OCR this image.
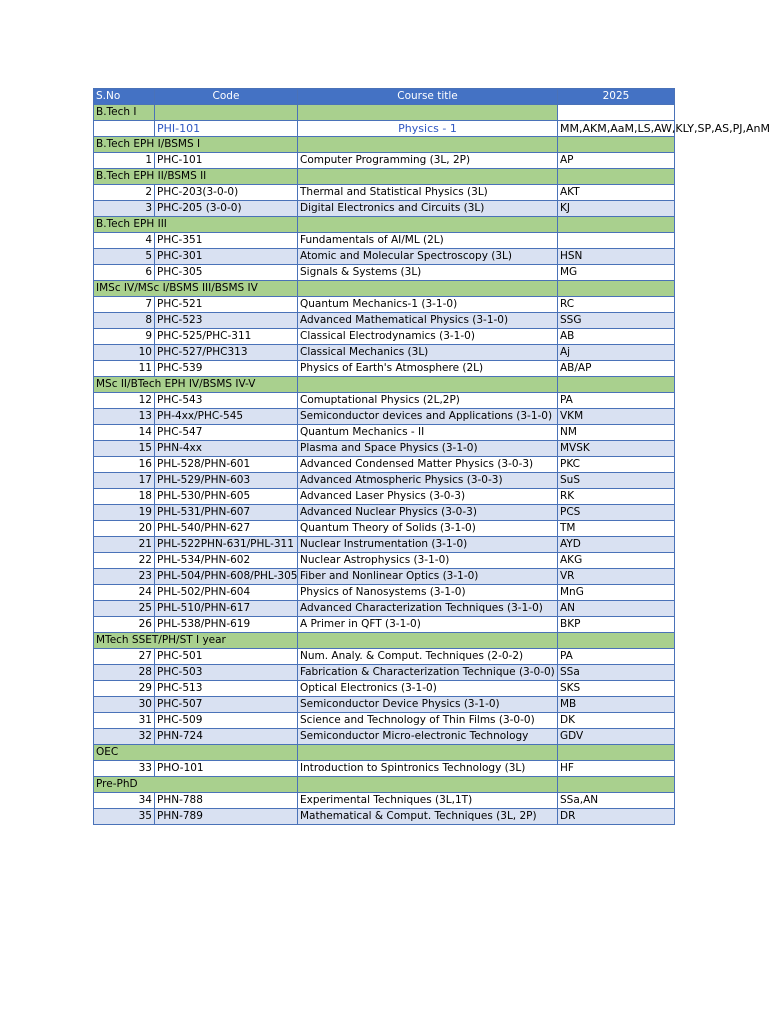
S.No	Code	Course title	2025
B.Tech I			
	PHI-101	Physics - 1	MM,AKM,AaM,LS,AW,KLY,SP,AS,PJ,AnM
B.Tech EPH I/BSMS I			
1	PHC-101	Computer Programming (3L, 2P)	AP
B.Tech EPH II/BSMS II			
2	PHC-203(3-0-0)	Thermal and Statistical Physics (3L)	AKT
3	PHC-205 (3-0-0)	Digital Electronics and Circuits (3L)	KJ
B.Tech EPH III			
4	PHC-351	Fundamentals of AI/ML (2L)	
5	PHC-301	Atomic and Molecular Spectroscopy (3L)	HSN
6	PHC-305	Signals & Systems (3L)	MG
IMSc IV/MSc I/BSMS III/BSMS IV			
7	PHC-521	Quantum Mechanics-1 (3-1-0)	RC
8	PHC-523	Advanced Mathematical Physics (3-1-0)	SSG
9	PHC-525/PHC-311	Classical Electrodynamics (3-1-0)	AB
10	PHC-527/PHC313	Classical Mechanics (3L)	Aj
11	PHC-539	Physics of Earth's Atmosphere (2L)	AB/AP
MSc II/BTech EPH IV/BSMS IV-V			
12	PHC-543	Comuptational Physics (2L,2P)	PA
13	PH-4xx/PHC-545	Semiconductor devices and Applications (3-1-0)	VKM
14	PHC-547	Quantum Mechanics - II	NM
15	PHN-4xx	Plasma and Space Physics (3-1-0)	MVSK
16	PHL-528/PHN-601	Advanced Condensed Matter Physics (3-0-3)	PKC
17	PHL-529/PHN-603	Advanced Atmospheric Physics (3-0-3)	SuS
18	PHL-530/PHN-605	Advanced Laser Physics (3-0-3)	RK
19	PHL-531/PHN-607	Advanced Nuclear Physics (3-0-3)	PCS
20	PHL-540/PHN-627	Quantum Theory of Solids (3-1-0)	TM
21	PHL-522PHN-631/PHL-311	Nuclear Instrumentation (3-1-0)	AYD
22	PHL-534/PHN-602	Nuclear Astrophysics (3-1-0)	AKG
23	PHL-504/PHN-608/PHL-305	Fiber and Nonlinear Optics (3-1-0)	VR
24	PHL-502/PHN-604	Physics of Nanosystems (3-1-0)	MnG
25	PHL-510/PHN-617	Advanced Characterization Techniques (3-1-0)	AN
26	PHL-538/PHN-619	A Primer in QFT (3-1-0)	BKP
MTech SSET/PH/ST I year			
27	PHC-501	Num. Analy. & Comput. Techniques (2-0-2)	PA
28	PHC-503	Fabrication & Characterization Technique (3-0-0)	SSa
29	PHC-513	Optical Electronics (3-1-0)	SKS
30	PHC-507	Semiconductor Device Physics (3-1-0)	MB
31	PHC-509	Science and Technology of Thin Films (3-0-0)	DK
32	PHN-724	Semiconductor Micro-electronic Technology	GDV
OEC			
33	PHO-101	Introduction to Spintronics Technology (3L)	HF
Pre-PhD			
34	PHN-788	Experimental Techniques (3L,1T)	SSa,AN
35	PHN-789	Mathematical & Comput. Techniques (3L, 2P)	DR
